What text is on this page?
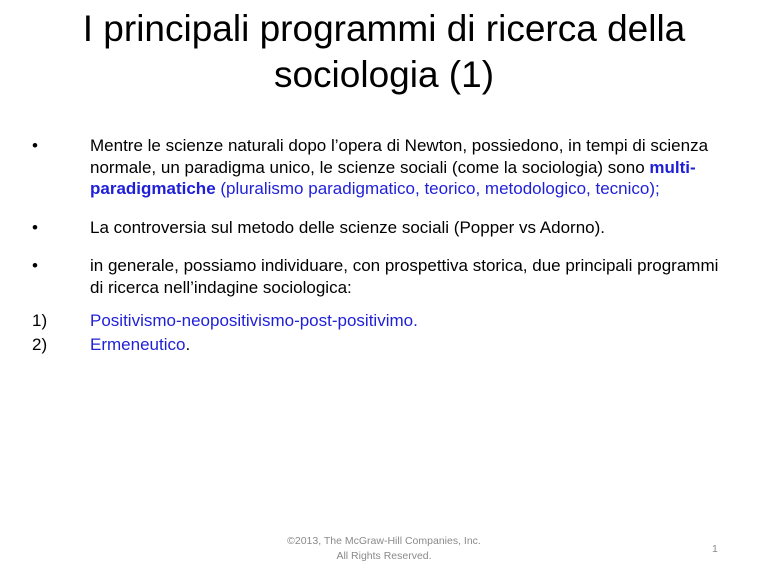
I principali programmi di ricerca della
sociologia (1)
•	Mentre le scienze naturali dopo l’opera di Newton, possiedono, in tempi di scienza normale, un paradigma unico, le scienze sociali (come la sociologia) sono multi-paradigmatiche (pluralismo paradigmatico, teorico, metodologico, tecnico);
•	La controversia sul metodo delle scienze sociali (Popper vs Adorno).
•	in generale, possiamo individuare, con prospettiva storica, due principali programmi di ricerca nell’indagine sociologica:
1)	Positivismo-neopositivismo-post-positivimo.
2)	Ermeneutico.
©2013, The McGraw-Hill Companies, Inc.
All Rights Reserved.
1
